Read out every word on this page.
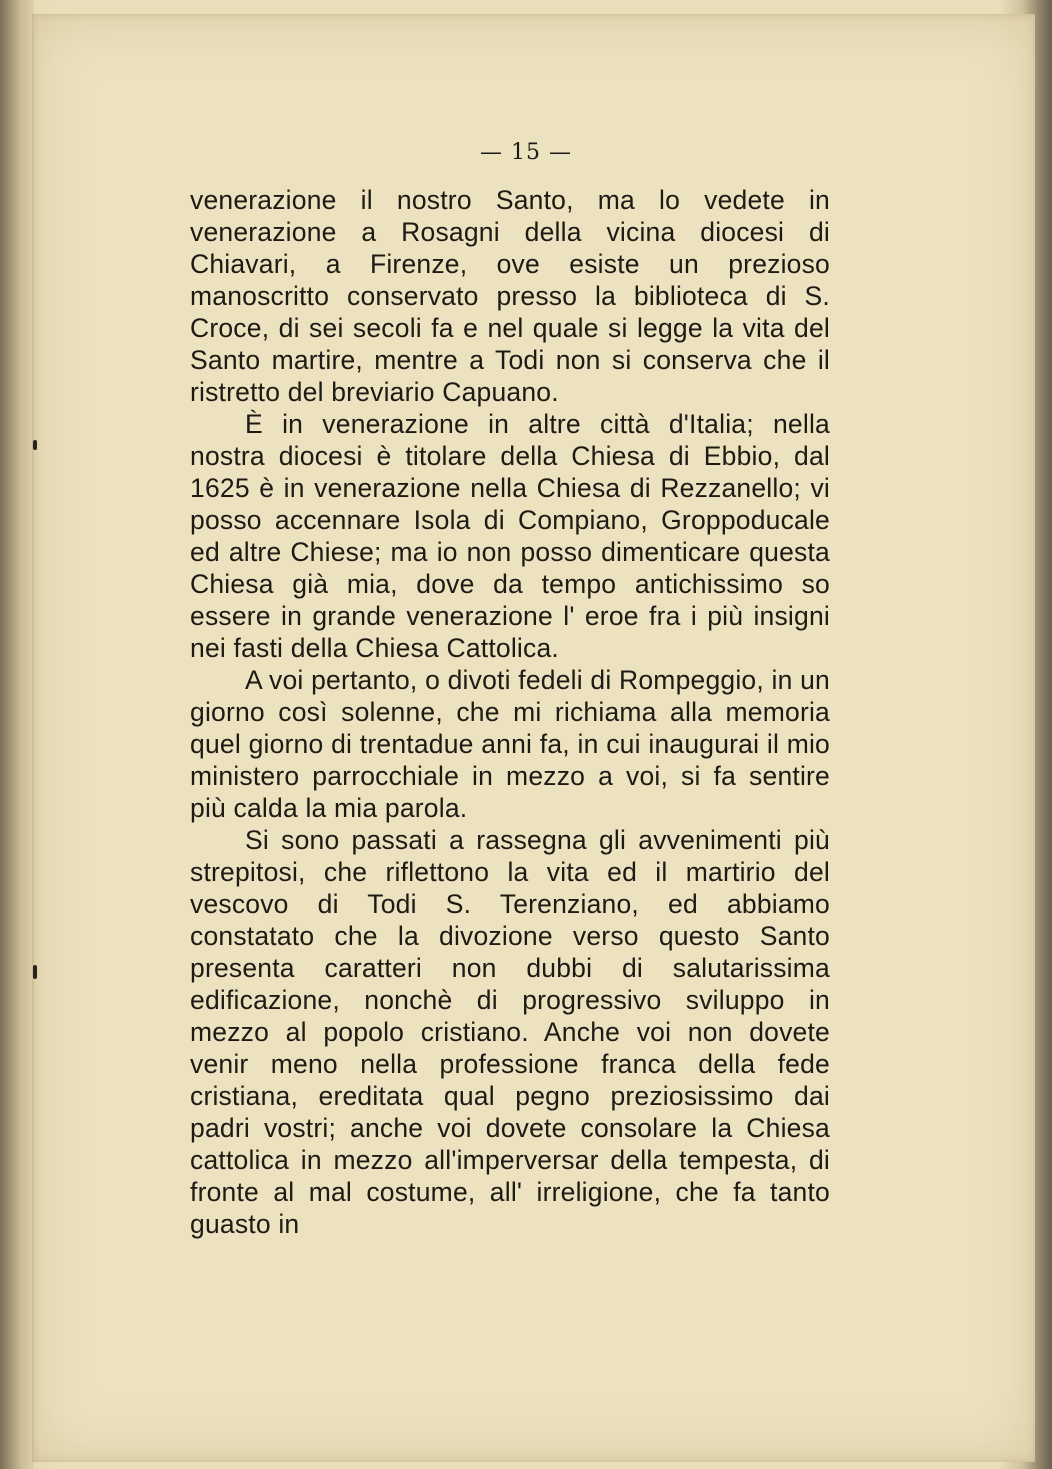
— 15 —

venerazione il nostro Santo, ma lo vedete in venerazione a Rosagni della vicina diocesi di Chiavari, a Firenze, ove esiste un prezioso manoscritto conservato presso la biblioteca di S. Croce, di sei secoli fa e nel quale si legge la vita del Santo martire, mentre a Todi non si conserva che il ristretto del breviario Capuano.

È in venerazione in altre città d'Italia; nella nostra diocesi è titolare della Chiesa di Ebbio, dal 1625 è in venerazione nella Chiesa di Rezzanello; vi posso accennare Isola di Compiano, Groppoducale ed altre Chiese; ma io non posso dimenticare questa Chiesa già mia, dove da tempo antichissimo so essere in grande venerazione l' eroe fra i più insigni nei fasti della Chiesa Cattolica.

A voi pertanto, o divoti fedeli di Rompeggio, in un giorno così solenne, che mi richiama alla memoria quel giorno di trentadue anni fa, in cui inaugurai il mio ministero parrocchiale in mezzo a voi, si fa sentire più calda la mia parola.

Si sono passati a rassegna gli avvenimenti più strepitosi, che riflettono la vita ed il martirio del vescovo di Todi S. Terenziano, ed abbiamo constatato che la divozione verso questo Santo presenta caratteri non dubbi di salutarissima edificazione, nonchè di progressivo sviluppo in mezzo al popolo cristiano. Anche voi non dovete venir meno nella professione franca della fede cristiana, ereditata qual pegno preziosissimo dai padri vostri; anche voi dovete consolare la Chiesa cattolica in mezzo all'imperversar della tempesta, di fronte al mal costume, all' irreligione, che fa tanto guasto in
